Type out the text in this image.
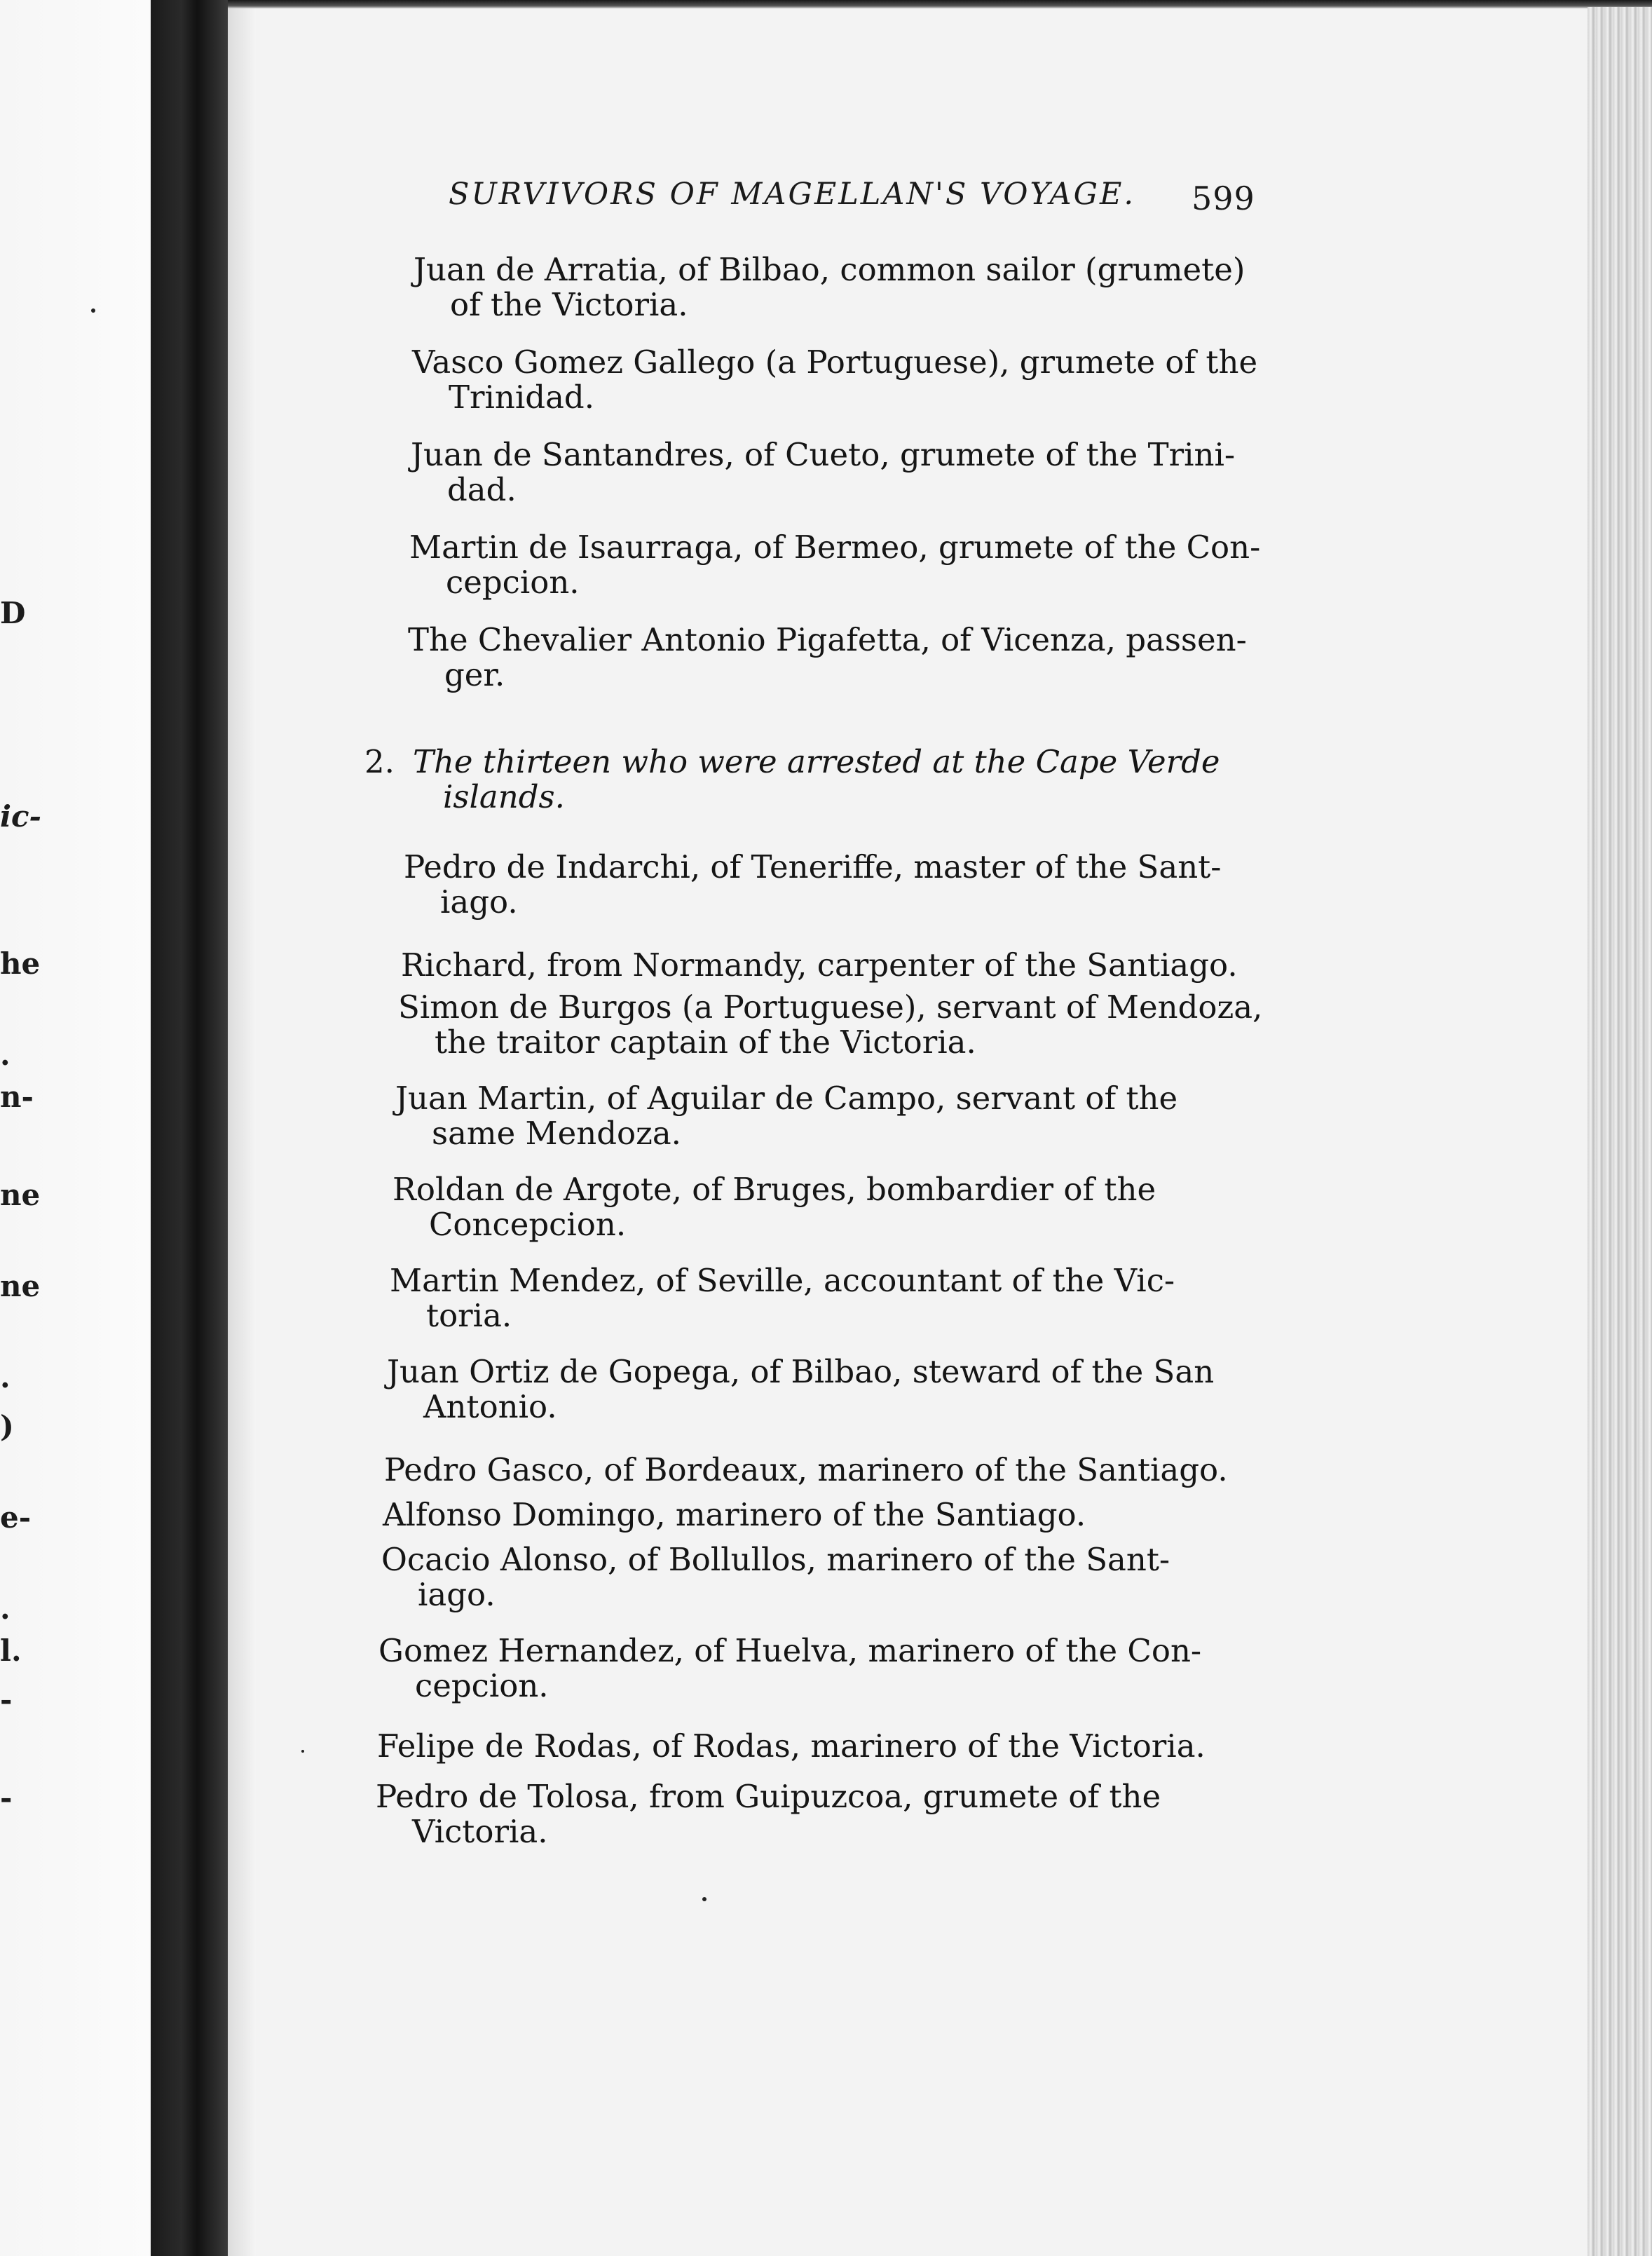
D
ic-
he
.
n-
ne
ne
.
)
e-
.
l.
-
-
SURVIVORS OF MAGELLAN'S VOYAGE.	599
Juan de Arratia, of Bilbao, common sailor (grumete)
of the Victoria.
Vasco Gomez Gallego (a Portuguese), grumete of the
Trinidad.
Juan de Santandres, of Cueto, grumete of the Trini-
dad.
Martin de Isaurraga, of Bermeo, grumete of the Con-
cepcion.
The Chevalier Antonio Pigafetta, of Vicenza, passen-
ger.
2. The thirteen who were arrested at the Cape Verde
islands.
Pedro de Indarchi, of Teneriffe, master of the Sant-
iago.
Richard, from Normandy, carpenter of the Santiago.
Simon de Burgos (a Portuguese), servant of Mendoza,
the traitor captain of the Victoria.
Juan Martin, of Aguilar de Campo, servant of the
same Mendoza.
Roldan de Argote, of Bruges, bombardier of the
Concepcion.
Martin Mendez, of Seville, accountant of the Vic-
toria.
Juan Ortiz de Gopega, of Bilbao, steward of the San
Antonio.
Pedro Gasco, of Bordeaux, marinero of the Santiago.
Alfonso Domingo, marinero of the Santiago.
Ocacio Alonso, of Bollullos, marinero of the Sant-
iago.
Gomez Hernandez, of Huelva, marinero of the Con-
cepcion.
Felipe de Rodas, of Rodas, marinero of the Victoria.
Pedro de Tolosa, from Guipuzcoa, grumete of the
Victoria.
